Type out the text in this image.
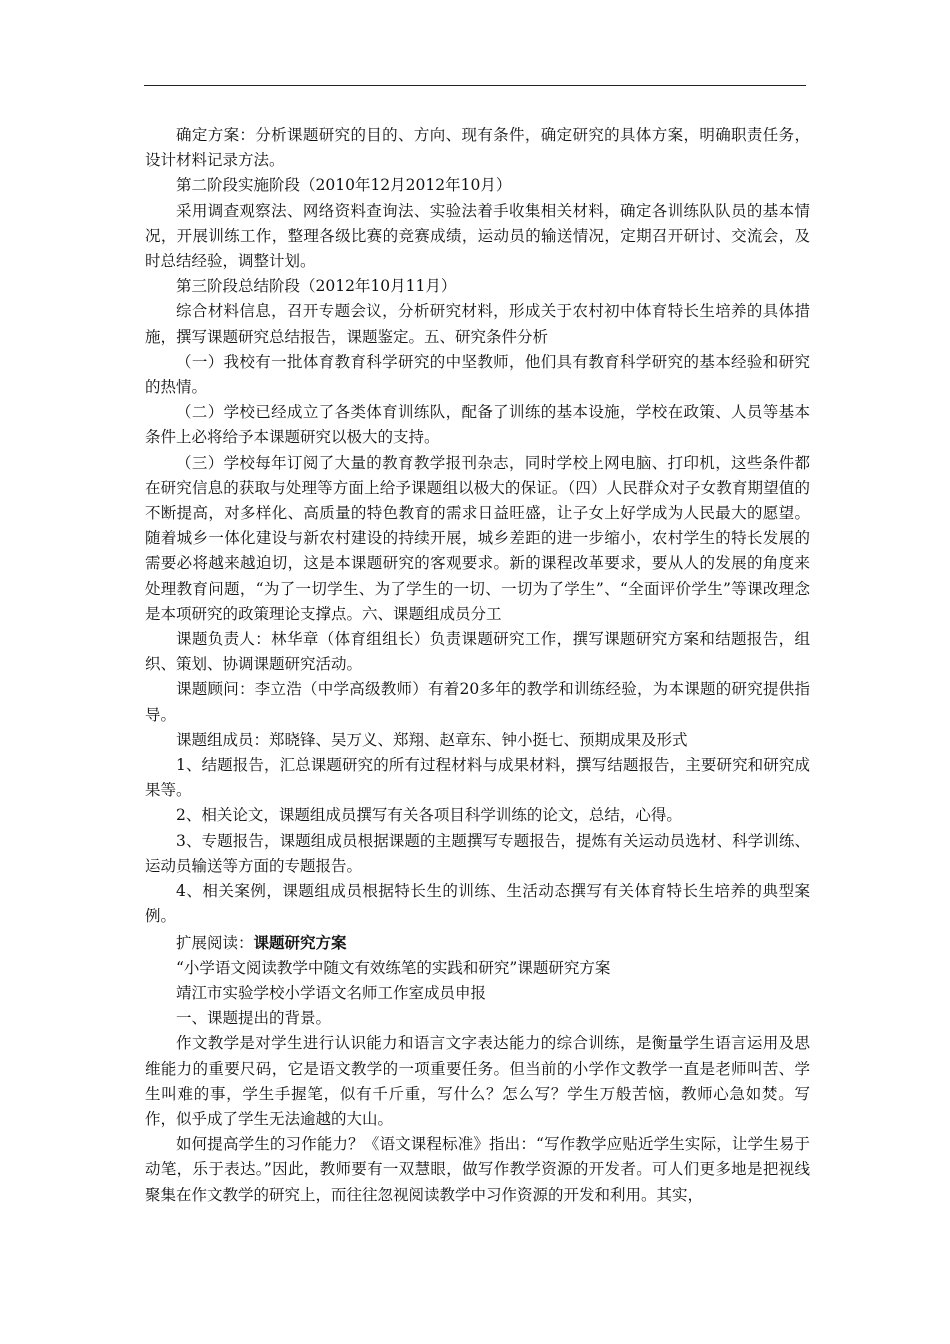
确定方案：分析课题研究的目的、方向、现有条件，确定研究的具体方案，明确职责任务，设计材料记录方法。

第二阶段实施阶段（2010年12月2012年10月）

采用调查观察法、网络资料查询法、实验法着手收集相关材料，确定各训练队队员的基本情况，开展训练工作，整理各级比赛的竞赛成绩，运动员的输送情况，定期召开研讨、交流会，及时总结经验，调整计划。

第三阶段总结阶段（2012年10月11月）

综合材料信息，召开专题会议，分析研究材料，形成关于农村初中体育特长生培养的具体措施，撰写课题研究总结报告，课题鉴定。五、研究条件分析

（一）我校有一批体育教育科学研究的中坚教师，他们具有教育科学研究的基本经验和研究的热情。

（二）学校已经成立了各类体育训练队，配备了训练的基本设施，学校在政策、人员等基本条件上必将给予本课题研究以极大的支持。

（三）学校每年订阅了大量的教育教学报刊杂志，同时学校上网电脑、打印机，这些条件都在研究信息的获取与处理等方面上给予课题组以极大的保证。（四）人民群众对子女教育期望值的不断提高，对多样化、高质量的特色教育的需求日益旺盛，让子女上好学成为人民最大的愿望。随着城乡一体化建设与新农村建设的持续开展，城乡差距的进一步缩小，农村学生的特长发展的需要必将越来越迫切，这是本课题研究的客观要求。新的课程改革要求，要从人的发展的角度来处理教育问题，“为了一切学生、为了学生的一切、一切为了学生”、“全面评价学生”等课改理念是本项研究的政策理论支撑点。六、课题组成员分工

课题负责人：林华章（体育组组长）负责课题研究工作，撰写课题研究方案和结题报告，组织、策划、协调课题研究活动。

课题顾问：李立浩（中学高级教师）有着20多年的教学和训练经验，为本课题的研究提供指导。

课题组成员：郑晓锋、吴万义、郑翔、赵章东、钟小挺七、预期成果及形式

1、结题报告，汇总课题研究的所有过程材料与成果材料，撰写结题报告，主要研究和研究成果等。

2、相关论文，课题组成员撰写有关各项目科学训练的论文，总结，心得。

3、专题报告，课题组成员根据课题的主题撰写专题报告，提炼有关运动员选材、科学训练、运动员输送等方面的专题报告。

4、相关案例，课题组成员根据特长生的训练、生活动态撰写有关体育特长生培养的典型案例。

扩展阅读：课题研究方案

“小学语文阅读教学中随文有效练笔的实践和研究”课题研究方案

靖江市实验学校小学语文名师工作室成员申报

一、课题提出的背景。

作文教学是对学生进行认识能力和语言文字表达能力的综合训练，是衡量学生语言运用及思维能力的重要尺码，它是语文教学的一项重要任务。但当前的小学作文教学一直是老师叫苦、学生叫难的事，学生手握笔，似有千斤重，写什么？怎么写？学生万般苦恼，教师心急如焚。写作，似乎成了学生无法逾越的大山。

如何提高学生的习作能力？《语文课程标准》指出：“写作教学应贴近学生实际，让学生易于动笔，乐于表达。”因此，教师要有一双慧眼，做写作教学资源的开发者。可人们更多地是把视线聚集在作文教学的研究上，而往往忽视阅读教学中习作资源的开发和利用。其实，
